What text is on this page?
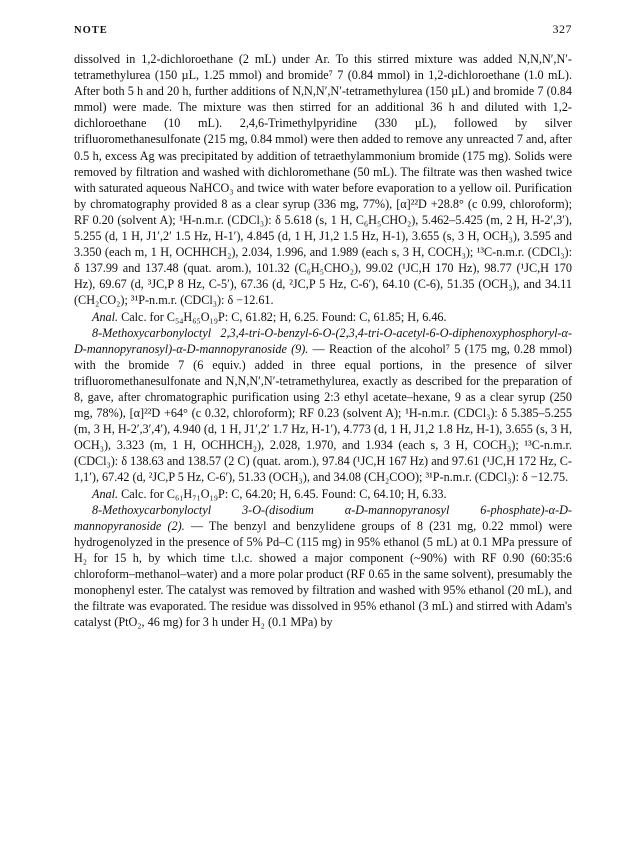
NOTE	327

dissolved in 1,2-dichloroethane (2 mL) under Ar. To this stirred mixture was added N,N,N′,N′-tetramethylurea (150 µL, 1.25 mmol) and bromide⁷ 7 (0.84 mmol) in 1,2-dichloroethane (1.0 mL). After both 5 h and 20 h, further additions of N,N,N′,N′-tetramethylurea (150 µL) and bromide 7 (0.84 mmol) were made. The mixture was then stirred for an additional 36 h and diluted with 1,2-dichloroethane (10 mL). 2,4,6-Trimethylpyridine (330 µL), followed by silver trifluoromethanesulfonate (215 mg, 0.84 mmol) were then added to remove any unreacted 7 and, after 0.5 h, excess Ag was precipitated by addition of tetraethylammonium bromide (175 mg). Solids were removed by filtration and washed with dichloromethane (50 mL). The filtrate was then washed twice with saturated aqueous NaHCO₃ and twice with water before evaporation to a yellow oil. Purification by chromatography provided 8 as a clear syrup (336 mg, 77%), [α]²²D +28.8° (c 0.99, chloroform); RF 0.20 (solvent A); ¹H-n.m.r. (CDCl₃): δ 5.618 (s, 1 H, C₆H₅CHO₂), 5.462–5.425 (m, 2 H, H-2′,3′), 5.255 (d, 1 H, J1′,2′ 1.5 Hz, H-1′), 4.845 (d, 1 H, J1,2 1.5 Hz, H-1), 3.655 (s, 3 H, OCH₃), 3.595 and 3.350 (each m, 1 H, OCHHCH₂), 2.034, 1.996, and 1.989 (each s, 3 H, COCH₃); ¹³C-n.m.r. (CDCl₃): δ 137.99 and 137.48 (quat. arom.), 101.32 (C₆H₅CHO₂), 99.02 (¹JC,H 170 Hz), 98.77 (¹JC,H 170 Hz), 69.67 (d, ³JC,P 8 Hz, C-5′), 67.36 (d, ²JC,P 5 Hz, C-6′), 64.10 (C-6), 51.35 (OCH₃), and 34.11 (CH₂CO₂); ³¹P-n.m.r. (CDCl₃): δ −12.61.

Anal. Calc. for C₅₄H₆₅O₁₉P: C, 61.82; H, 6.25. Found: C, 61.85; H, 6.46.

8-Methoxycarbonyloctyl 2,3,4-tri-O-benzyl-6-O-(2,3,4-tri-O-acetyl-6-O-diphenoxyphosphoryl-α-D-mannopyranosyl)-α-D-mannopyranoside (9). — Reaction of the alcohol⁷ 5 (175 mg, 0.28 mmol) with the bromide 7 (6 equiv.) added in three equal portions, in the presence of silver trifluoromethanesulfonate and N,N,N′,N′-tetramethylurea, exactly as described for the preparation of 8, gave, after chromatographic purification using 2:3 ethyl acetate–hexane, 9 as a clear syrup (250 mg, 78%), [α]²²D +64° (c 0.32, chloroform); RF 0.23 (solvent A); ¹H-n.m.r. (CDCl₃): δ 5.385–5.255 (m, 3 H, H-2′,3′,4′), 4.940 (d, 1 H, J1′,2′ 1.7 Hz, H-1′), 4.773 (d, 1 H, J1,2 1.8 Hz, H-1), 3.655 (s, 3 H, OCH₃), 3.323 (m, 1 H, OCHHCH₂), 2.028, 1.970, and 1.934 (each s, 3 H, COCH₃); ¹³C-n.m.r. (CDCl₃): δ 138.63 and 138.57 (2 C) (quat. arom.), 97.84 (¹JC,H 167 Hz) and 97.61 (¹JC,H 172 Hz, C-1,1′), 67.42 (d, ²JC,P 5 Hz, C-6′), 51.33 (OCH₃), and 34.08 (CH₂COO); ³¹P-n.m.r. (CDCl₃): δ −12.75.

Anal. Calc. for C₆₁H₇₁O₁₉P: C, 64.20; H, 6.45. Found: C, 64.10; H, 6.33.

8-Methoxycarbonyloctyl 3-O-(disodium α-D-mannopyranosyl 6-phosphate)-α-D-mannopyranoside (2). — The benzyl and benzylidene groups of 8 (231 mg, 0.22 mmol) were hydrogenolyzed in the presence of 5% Pd–C (115 mg) in 95% ethanol (5 mL) at 0.1 MPa pressure of H₂ for 15 h, by which time t.l.c. showed a major component (~90%) with RF 0.90 (60:35:6 chloroform–methanol–water) and a more polar product (RF 0.65 in the same solvent), presumably the monophenyl ester. The catalyst was removed by filtration and washed with 95% ethanol (20 mL), and the filtrate was evaporated. The residue was dissolved in 95% ethanol (3 mL) and stirred with Adam's catalyst (PtO₂, 46 mg) for 3 h under H₂ (0.1 MPa) by
